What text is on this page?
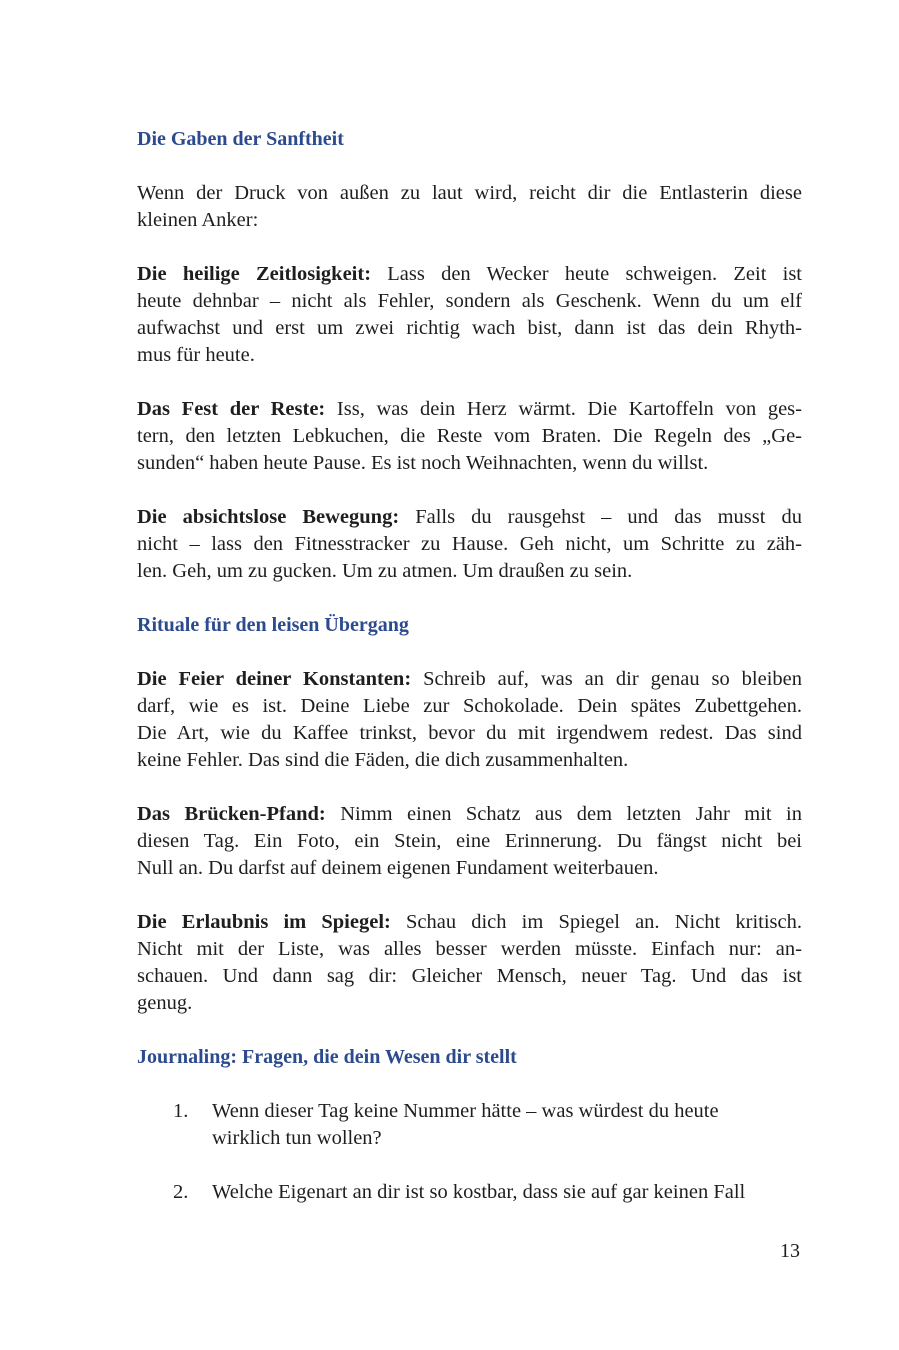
Die Gaben der Sanftheit

Wenn der Druck von außen zu laut wird, reicht dir die Entlasterin diese
kleinen Anker:

Die heilige Zeitlosigkeit: Lass den Wecker heute schweigen. Zeit ist
heute dehnbar – nicht als Fehler, sondern als Geschenk. Wenn du um elf
aufwachst und erst um zwei richtig wach bist, dann ist das dein Rhyth-
mus für heute.

Das Fest der Reste: Iss, was dein Herz wärmt. Die Kartoffeln von ges-
tern, den letzten Lebkuchen, die Reste vom Braten. Die Regeln des „Ge-
sunden“ haben heute Pause. Es ist noch Weihnachten, wenn du willst.

Die absichtslose Bewegung: Falls du rausgehst – und das musst du
nicht – lass den Fitnesstracker zu Hause. Geh nicht, um Schritte zu zäh-
len. Geh, um zu gucken. Um zu atmen. Um draußen zu sein.

Rituale für den leisen Übergang

Die Feier deiner Konstanten: Schreib auf, was an dir genau so bleiben
darf, wie es ist. Deine Liebe zur Schokolade. Dein spätes Zubettgehen.
Die Art, wie du Kaffee trinkst, bevor du mit irgendwem redest. Das sind
keine Fehler. Das sind die Fäden, die dich zusammenhalten.

Das Brücken-Pfand: Nimm einen Schatz aus dem letzten Jahr mit in
diesen Tag. Ein Foto, ein Stein, eine Erinnerung. Du fängst nicht bei
Null an. Du darfst auf deinem eigenen Fundament weiterbauen.

Die Erlaubnis im Spiegel: Schau dich im Spiegel an. Nicht kritisch.
Nicht mit der Liste, was alles besser werden müsste. Einfach nur: an-
schauen. Und dann sag dir: Gleicher Mensch, neuer Tag. Und das ist
genug.

Journaling: Fragen, die dein Wesen dir stellt
1. Wenn dieser Tag keine Nummer hätte – was würdest du heute
wirklich tun wollen?
2. Welche Eigenart an dir ist so kostbar, dass sie auf gar keinen Fall
13
